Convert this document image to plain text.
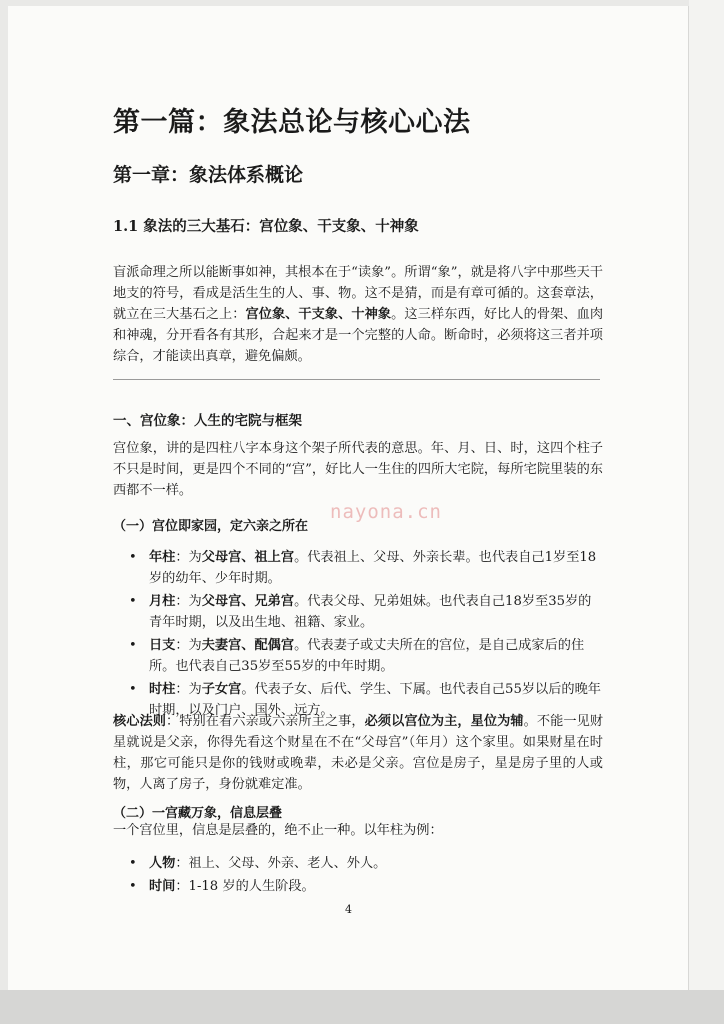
第一篇：象法总论与核心心法
第一章：象法体系概论
1.1 象法的三大基石：宫位象、干支象、十神象

盲派命理之所以能断事如神，其根本在于“读象”。所谓“象”，就是将八字中那些天干地支的符号，看成是活生生的人、事、物。这不是猜，而是有章可循的。这套章法，就立在三大基石之上：宫位象、干支象、十神象。这三样东西，好比人的骨架、血肉和神魂，分开看各有其形，合起来才是一个完整的人命。断命时，必须将这三者并项综合，才能读出真章，避免偏颇。

一、宫位象：人生的宅院与框架

宫位象，讲的是四柱八字本身这个架子所代表的意思。年、月、日、时，这四个柱子不只是时间，更是四个不同的“宫”，好比人一生住的四所大宅院，每所宅院里装的东西都不一样。

nayona.cn
（一）宫位即家园，定六亲之所在
• 年柱：为父母宫、祖上宫。代表祖上、父母、外亲长辈。也代表自己1岁至18岁的幼年、少年时期。
• 月柱：为父母宫、兄弟宫。代表父母、兄弟姐妹。也代表自己18岁至35岁的青年时期，以及出生地、祖籍、家业。
• 日支：为夫妻宫、配偶宫。代表妻子或丈夫所在的宫位，是自己成家后的住所。也代表自己35岁至55岁的中年时期。
• 时柱：为子女宫。代表子女、后代、学生、下属。也代表自己55岁以后的晚年时期，以及门户、国外、远方。

核心法则：特别在看六亲或六亲所主之事，必须以宫位为主，星位为辅。不能一见财星就说是父亲，你得先看这个财星在不在“父母宫”（年月）这个家里。如果财星在时柱，那它可能只是你的钱财或晚辈，未必是父亲。宫位是房子，星是房子里的人或物，人离了房子，身份就难定准。

（二）一宫藏万象，信息层叠

一个宫位里，信息是层叠的，绝不止一种。以年柱为例：

• 人物：祖上、父母、外亲、老人、外人。
• 时间：1-18 岁的人生阶段。
4
